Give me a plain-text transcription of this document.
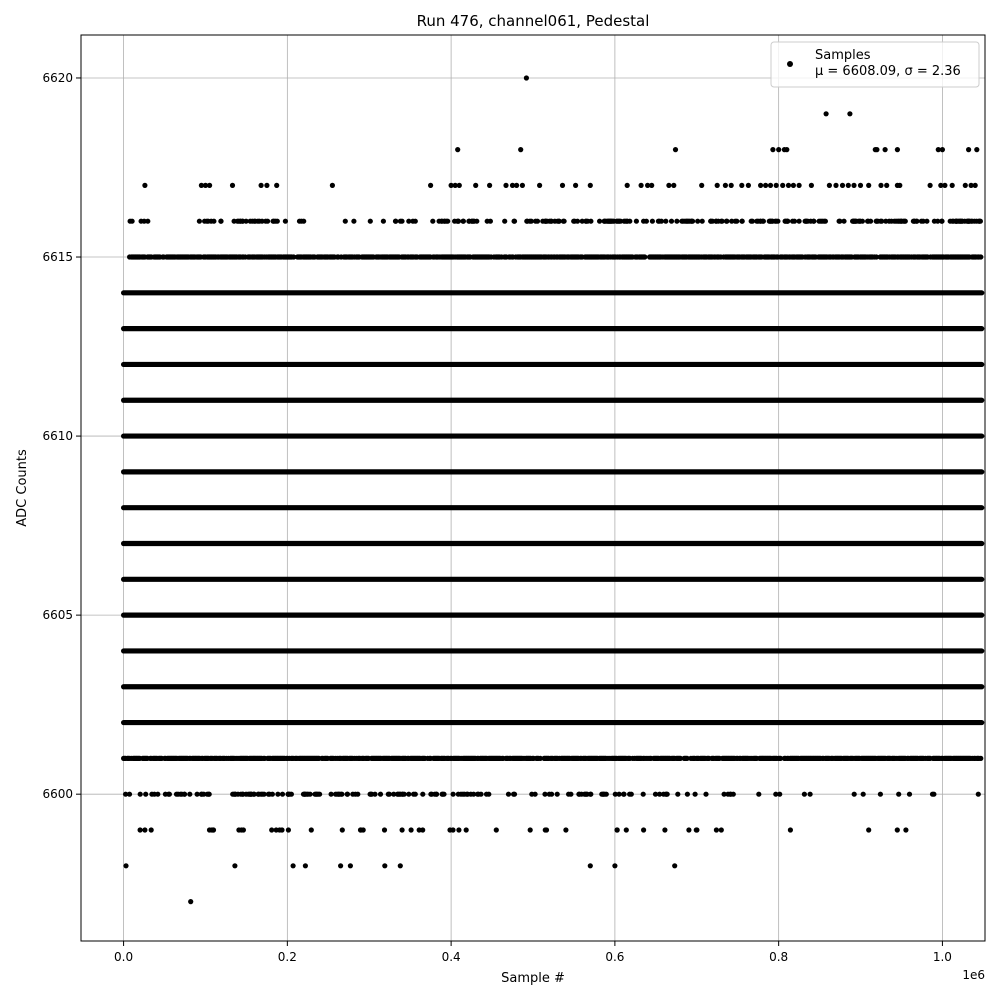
0.0	0.2	0.4	0.6	0.8	1.0
6600
6605
6610
6615
6620
Run 476, channel061, Pedestal
Sample #
ADC Counts
1e6
Samples
μ = 6608.09, σ = 2.36
